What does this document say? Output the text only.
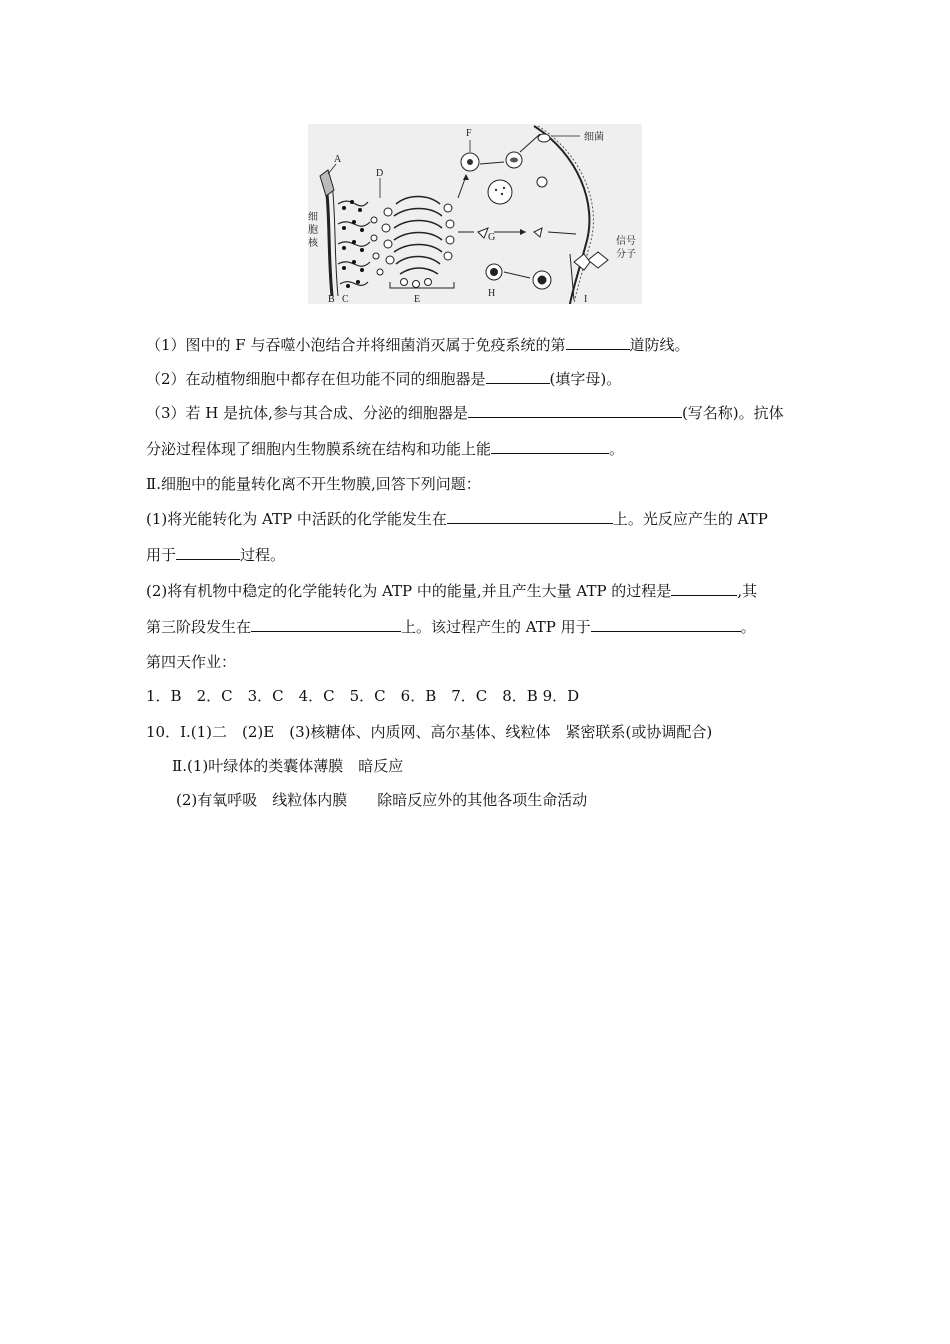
A
D
F
G
H
B C	E	I
细菌
细
胞
核	信号
分子
（1）图中的 F 与吞噬小泡结合并将细菌消灭属于免疫系统的第	道防线。
（2）在动植物细胞中都存在但功能不同的细胞器是	(填字母)。
（3）若 H 是抗体,参与其合成、分泌的细胞器是	(写名称)。抗体
分泌过程体现了细胞内生物膜系统在结构和功能上能	。
Ⅱ.细胞中的能量转化离不开生物膜,回答下列问题：
(1)将光能转化为 ATP 中活跃的化学能发生在	上。光反应产生的 ATP
用于	过程。
(2)将有机物中稳定的化学能转化为 ATP 中的能量,并且产生大量 ATP 的过程是	,其
第三阶段发生在	上。该过程产生的 ATP 用于	。
第四天作业：
1．B　2．C　3．C　4．C　5．C　6．B　7．C　8．B 9．D
10．Ⅰ.(1)二　(2)E　(3)核糖体、内质网、高尔基体、线粒体　紧密联系(或协调配合)
Ⅱ.(1)叶绿体的类囊体薄膜　暗反应
(2)有氧呼吸　线粒体内膜　　除暗反应外的其他各项生命活动
